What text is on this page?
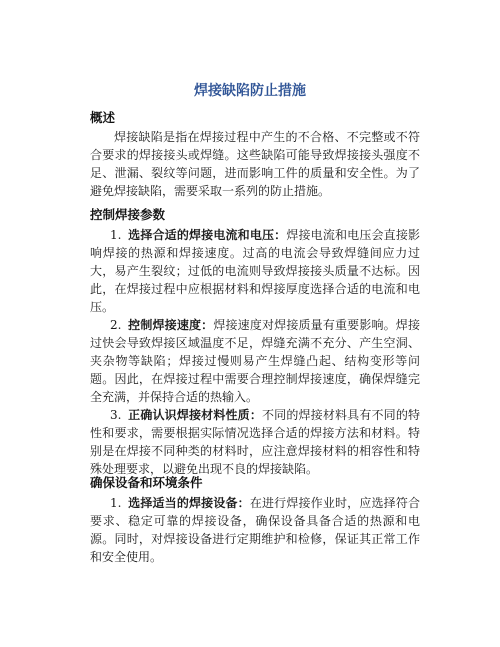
焊接缺陷防止措施
概述

焊接缺陷是指在焊接过程中产生的不合格、不完整或不符合要求的焊接接头或焊缝。这些缺陷可能导致焊接接头强度不足、泄漏、裂纹等问题，进而影响工件的质量和安全性。为了避免焊接缺陷，需要采取一系列的防止措施。

控制焊接参数

1. 选择合适的焊接电流和电压：焊接电流和电压会直接影响焊接的热源和焊接速度。过高的电流会导致焊缝间应力过大，易产生裂纹；过低的电流则导致焊接接头质量不达标。因此，在焊接过程中应根据材料和焊接厚度选择合适的电流和电压。

2. 控制焊接速度：焊接速度对焊接质量有重要影响。焊接过快会导致焊接区域温度不足，焊缝充满不充分、产生空洞、夹杂物等缺陷；焊接过慢则易产生焊缝凸起、结构变形等问题。因此，在焊接过程中需要合理控制焊接速度，确保焊缝完全充满，并保持合适的热输入。

3. 正确认识焊接材料性质：不同的焊接材料具有不同的特性和要求，需要根据实际情况选择合适的焊接方法和材料。特别是在焊接不同种类的材料时，应注意焊接材料的相容性和特殊处理要求，以避免出现不良的焊接缺陷。

确保设备和环境条件

1. 选择适当的焊接设备：在进行焊接作业时，应选择符合要求、稳定可靠的焊接设备，确保设备具备合适的热源和电源。同时，对焊接设备进行定期维护和检修，保证其正常工作和安全使用。
